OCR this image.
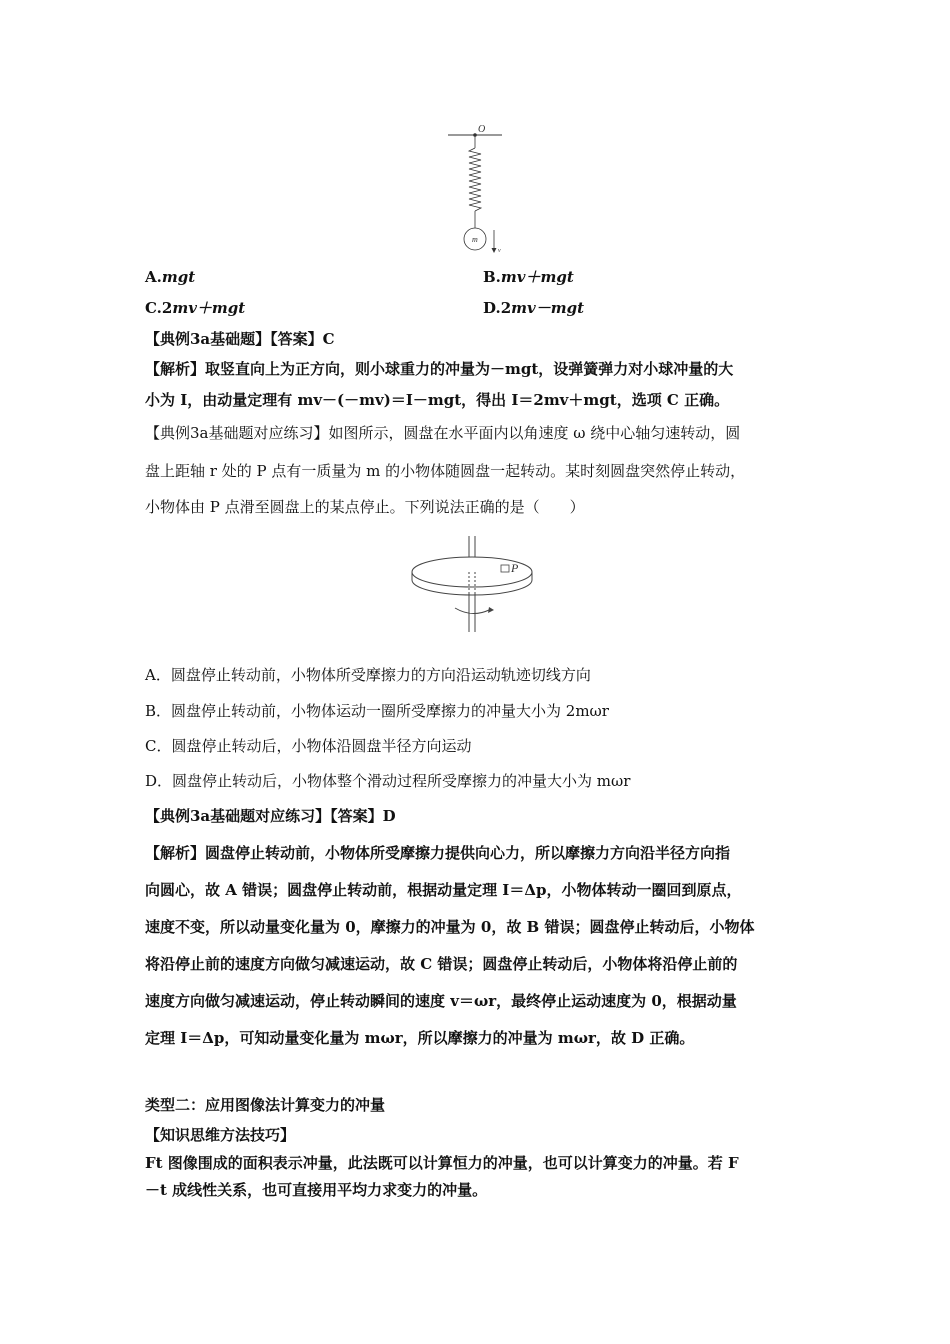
O
m
v
A.mgt	B.mv＋mgt
C.2mv＋mgt	D.2mv－mgt
【典例3a基础题】【答案】C
【解析】取竖直向上为正方向，则小球重力的冲量为－mgt，设弹簧弹力对小球冲量的大
小为 I，由动量定理有 mv－(－mv)＝I－mgt，得出 I＝2mv＋mgt，选项 C 正确。
【典例3a基础题对应练习】如图所示，圆盘在水平面内以角速度 ω 绕中心轴匀速转动，圆
盘上距轴 r 处的 P 点有一质量为 m 的小物体随圆盘一起转动。某时刻圆盘突然停止转动，
小物体由 P 点滑至圆盘上的某点停止。下列说法正确的是（　　）
P
A．圆盘停止转动前，小物体所受摩擦力的方向沿运动轨迹切线方向
B．圆盘停止转动前，小物体运动一圈所受摩擦力的冲量大小为 2mωr
C．圆盘停止转动后，小物体沿圆盘半径方向运动
D．圆盘停止转动后，小物体整个滑动过程所受摩擦力的冲量大小为 mωr
【典例3a基础题对应练习】【答案】D
【解析】圆盘停止转动前，小物体所受摩擦力提供向心力，所以摩擦力方向沿半径方向指
向圆心，故 A 错误；圆盘停止转动前，根据动量定理 I＝Δp，小物体转动一圈回到原点，
速度不变，所以动量变化量为 0，摩擦力的冲量为 0，故 B 错误；圆盘停止转动后，小物体
将沿停止前的速度方向做匀减速运动，故 C 错误；圆盘停止转动后，小物体将沿停止前的
速度方向做匀减速运动，停止转动瞬间的速度 v＝ωr，最终停止运动速度为 0，根据动量
定理 I＝Δp，可知动量变化量为 mωr，所以摩擦力的冲量为 mωr，故 D 正确。
类型二：应用图像法计算变力的冲量
【知识思维方法技巧】
Ft 图像围成的面积表示冲量，此法既可以计算恒力的冲量，也可以计算变力的冲量。若 F
－t 成线性关系，也可直接用平均力求变力的冲量。
